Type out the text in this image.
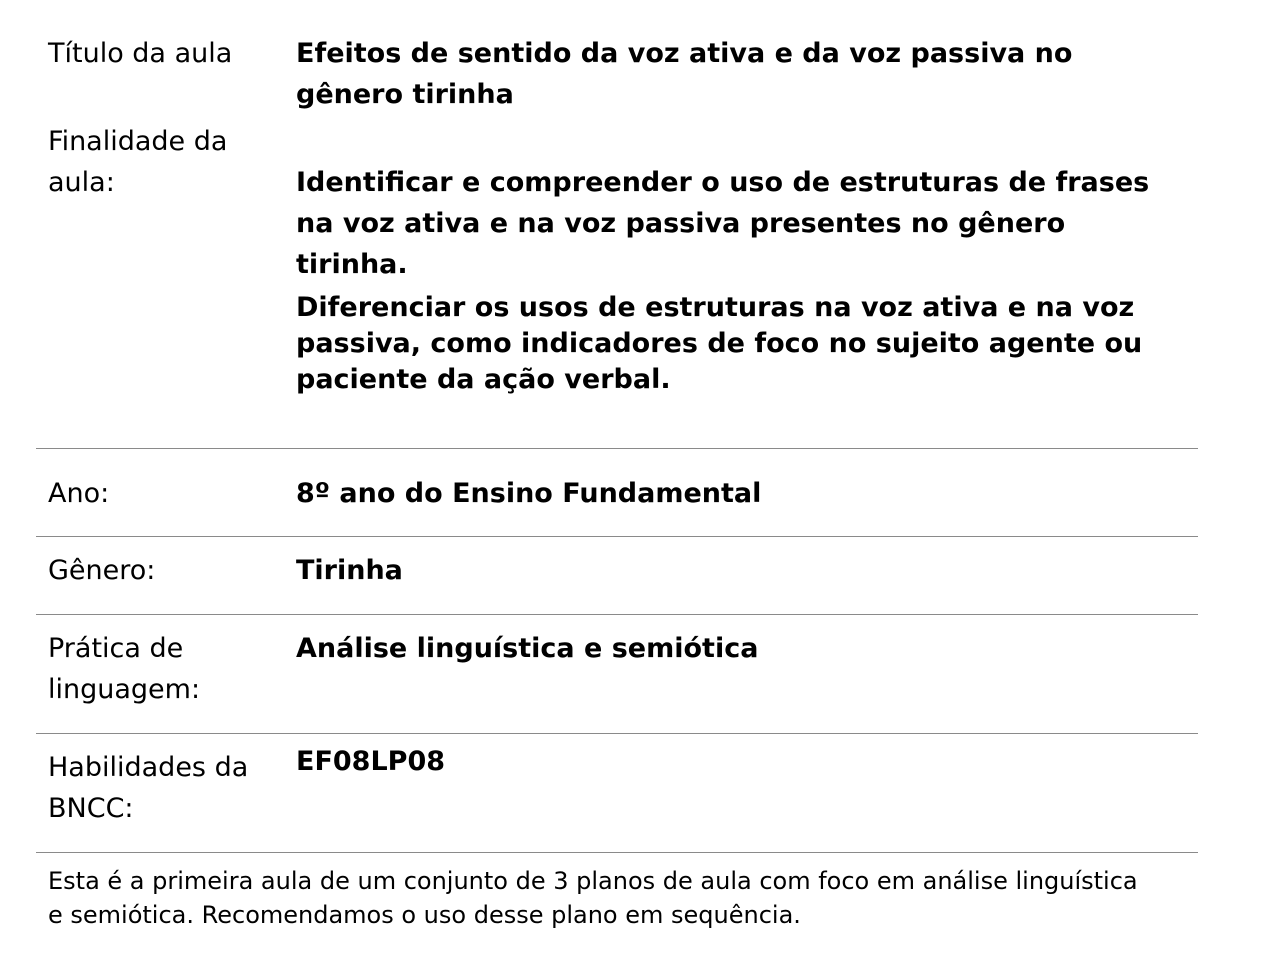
Título da aula	Efeitos de sentido da voz ativa e da voz passiva no gênero tirinha
Finalidade da aula:	Identificar e compreender o uso de estruturas de frases na voz ativa e na voz passiva presentes no gênero tirinha.

Diferenciar os usos de estruturas na voz ativa e na voz passiva, como indicadores de foco no sujeito agente ou paciente da ação verbal.

Ano:	8º ano do Ensino Fundamental
Gênero:	Tirinha
Prática de linguagem:
Análise linguística e semiótica
Habilidades da BNCC:
EF08LP08
Esta é a primeira aula de um conjunto de 3 planos de aula com foco em análise linguística e semiótica. Recomendamos o uso desse plano em sequência.
